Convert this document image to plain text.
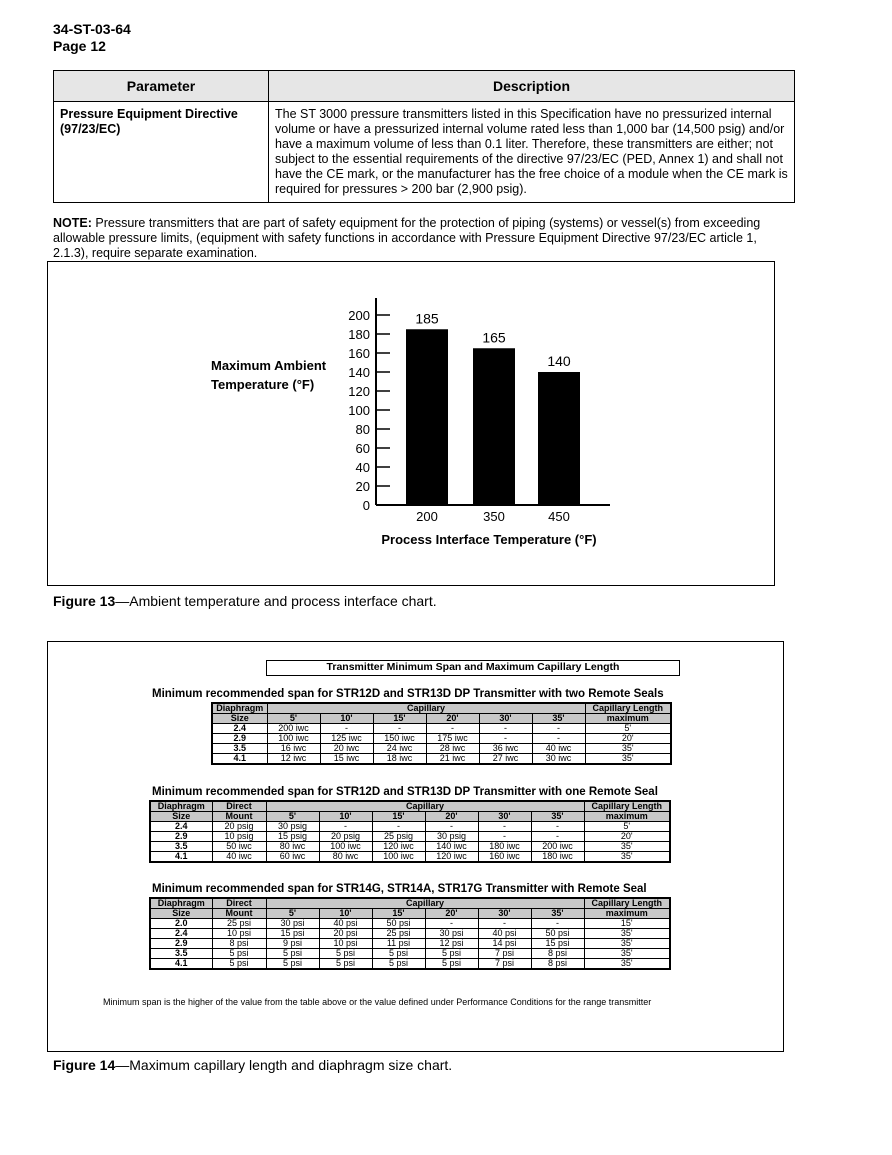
34-ST-03-64
Page 12
Parameter	Description
Pressure Equipment Directive (97/23/EC)	The ST 3000 pressure transmitters listed in this Specification have no pressurized internal volume or have a pressurized internal volume rated less than 1,000 bar (14,500 psig) and/or have a maximum volume of less than 0.1 liter. Therefore, these transmitters are either; not subject to the essential requirements of the directive 97/23/EC (PED, Annex 1) and shall not have the CE mark, or the manufacturer has the free choice of a module when the CE mark is required for pressures > 200 bar (2,900 psig).
NOTE: Pressure transmitters that are part of safety equipment for the protection of piping (systems) or vessel(s) from exceeding allowable pressure limits, (equipment with safety functions in accordance with Pressure Equipment Directive 97/23/EC article 1, 2.1.3), require separate examination.
0
20
40
60
80
100
120
140
160
180
200	185
200
165
350
140
450
Process Interface Temperature (°F)
Maximum Ambient Temperature (°F)
Figure 13—Ambient temperature and process interface chart.
Transmitter Minimum Span and Maximum Capillary Length
Minimum recommended span for STR12D and STR13D DP Transmitter with two Remote Seals
Diaphragm	Capillary						Capillary Length
Size	5'	10'	15'	20'	30'	35'	maximum
2.4	200 iwc	-	-	-	-	-	5'
2.9	100 iwc	125 iwc	150 iwc	175 iwc	-	-	20'
3.5	16 iwc	20 iwc	24 iwc	28 iwc	36 iwc	40 iwc	35'
4.1	12 iwc	15 iwc	18 iwc	21 iwc	27 iwc	30 iwc	35'
Minimum recommended span for STR12D and STR13D DP Transmitter with one Remote Seal
Diaphragm	Direct	Capillary						Capillary Length
Size	Mount	5'	10'	15'	20'	30'	35'	maximum
2.4	20 psig	30 psig	-	-	-	-	-	5'
2.9	10 psig	15 psig	20 psig	25 psig	30 psig	-	-	20'
3.5	50 iwc	80 iwc	100 iwc	120 iwc	140 iwc	180 iwc	200 iwc	35'
4.1	40 iwc	60 iwc	80 iwc	100 iwc	120 iwc	160 iwc	180 iwc	35'
Minimum recommended span for STR14G, STR14A, STR17G Transmitter with Remote Seal
Diaphragm	Direct	Capillary						Capillary Length
Size	Mount	5'	10'	15'	20'	30'	35'	maximum
2.0	25 psi	30 psi	40 psi	50 psi	-	-	-	15'
2.4	10 psi	15 psi	20 psi	25 psi	30 psi	40 psi	50 psi	35'
2.9	8 psi	9 psi	10 psi	11 psi	12 psi	14 psi	15 psi	35'
3.5	5 psi	5 psi	5 psi	5 psi	5 psi	7 psi	8 psi	35'
4.1	5 psi	5 psi	5 psi	5 psi	5 psi	7 psi	8 psi	35'
Minimum span is the higher of the value from the table above or the value defined under Performance Conditions for the range transmitter
Figure 14—Maximum capillary length and diaphragm size chart.
